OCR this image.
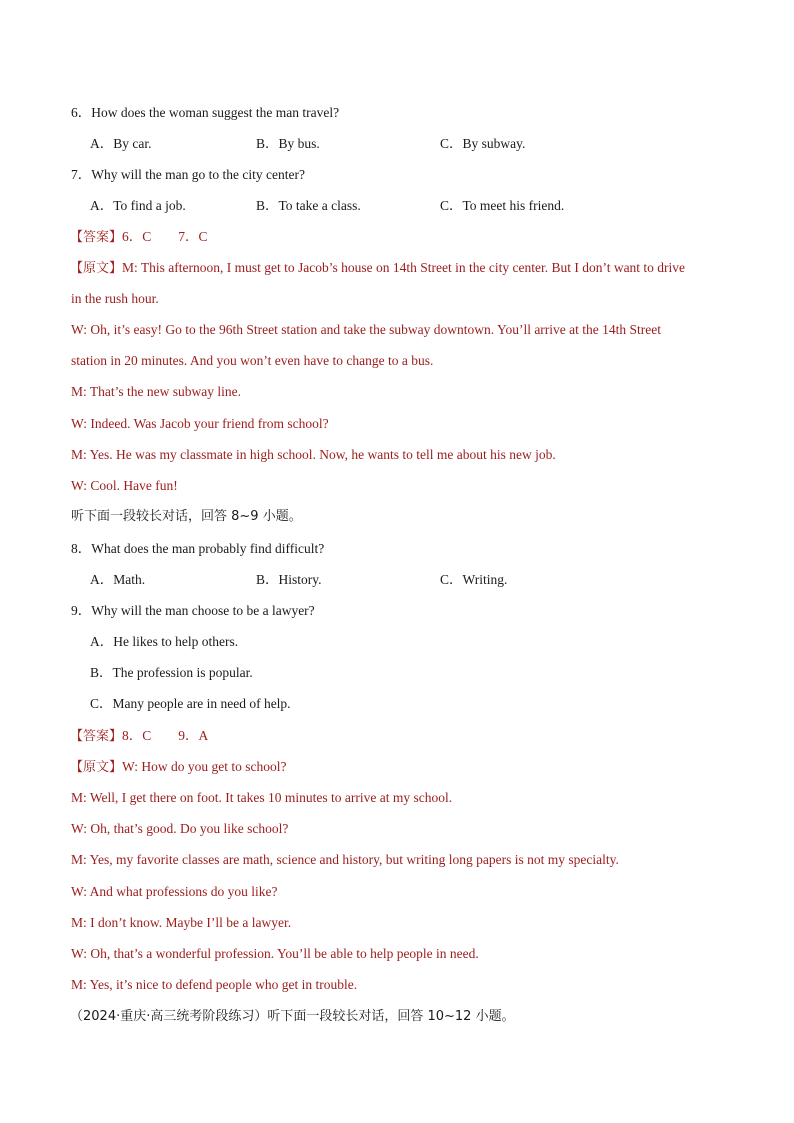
6．How does the woman suggest the man travel?
A．By car.	B．By bus.	C．By subway.
7．Why will the man go to the city center?
A．To find a job.	B．To take a class.	C．To meet his friend.
【答案】6．C　　7．C
【原文】M: This afternoon, I must get to Jacob’s house on 14th Street in the city center. But I don’t want to drive
in the rush hour.
W: Oh, it’s easy! Go to the 96th Street station and take the subway downtown. You’ll arrive at the 14th Street
station in 20 minutes. And you won’t even have to change to a bus.
M: That’s the new subway line.
W: Indeed. Was Jacob your friend from school?
M: Yes. He was my classmate in high school. Now, he wants to tell me about his new job.
W: Cool. Have fun!
听下面一段较长对话，回答 8~9 小题。
8．What does the man probably find difficult?
A．Math.	B．History.	C．Writing.
9．Why will the man choose to be a lawyer?
A．He likes to help others.
B．The profession is popular.
C．Many people are in need of help.
【答案】8．C　　9．A
【原文】W: How do you get to school?
M: Well, I get there on foot. It takes 10 minutes to arrive at my school.
W: Oh, that’s good. Do you like school?
M: Yes, my favorite classes are math, science and history, but writing long papers is not my specialty.
W: And what professions do you like?
M: I don’t know. Maybe I’ll be a lawyer.
W: Oh, that’s a wonderful profession. You’ll be able to help people in need.
M: Yes, it’s nice to defend people who get in trouble.
（2024·重庆·高三统考阶段练习）听下面一段较长对话，回答 10~12 小题。
